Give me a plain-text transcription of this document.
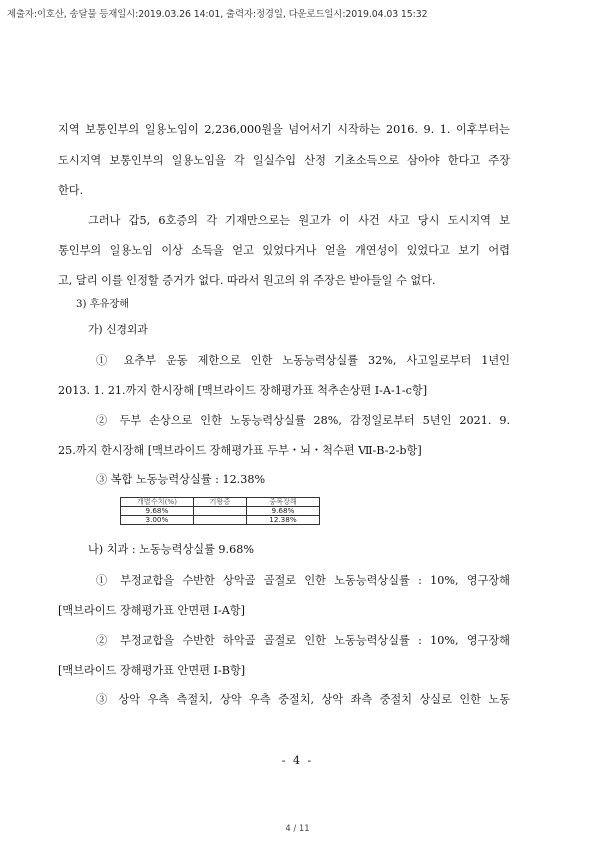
제출자:이호산, 송달물 등재일시:2019.03.26 14:01, 출력자:정경일, 다운로드일시:2019.04.03 15:32
지역 보통인부의 일용노임이 2,236,000원을 넘어서기 시작하는 2016. 9. 1. 이후부터는
도시지역 보통인부의 일용노임을 각 일실수입 산정 기초소득으로 삼아야 한다고 주장
한다.
그러나 갑5, 6호증의 각 기재만으로는 원고가 이 사건 사고 당시 도시지역 보
통인부의 일용노임 이상 소득을 얻고 있었다거나 얻을 개연성이 있었다고 보기 어렵
고, 달리 이를 인정할 증거가 없다. 따라서 원고의 위 주장은 받아들일 수 없다.
3) 후유장해
가) 신경외과
① 요추부 운동 제한으로 인한 노동능력상실률 32%, 사고일로부터 1년인
2013. 1. 21.까지 한시장해 [맥브라이드 장해평가표 척추손상편 I-A-1-c항]
② 두부 손상으로 인한 노동능력상실률 28%, 감정일로부터 5년인 2021. 9.
25.까지 한시장해 [맥브라이드 장해평가표 두부・뇌・척수편 Ⅶ-B-2-b항]
③ 복합 노동능력상실률 : 12.38%
개별수치(%)	기왕증	중복장해
9.68%		9.68%
3.00%		12.38%
나) 치과 : 노동능력상실률 9.68%
① 부정교합을 수반한 상악골 골절로 인한 노동능력상실률 : 10%, 영구장해
[맥브라이드 장해평가표 안면편 I-A항]
② 부정교합을 수반한 하악골 골절로 인한 노동능력상실률 : 10%, 영구장해
[맥브라이드 장해평가표 안면편 I-B항]
③ 상악 우측 측절치, 상악 우측 중절치, 상악 좌측 중절치 상실로 인한 노동
- 4 -
4 / 11
